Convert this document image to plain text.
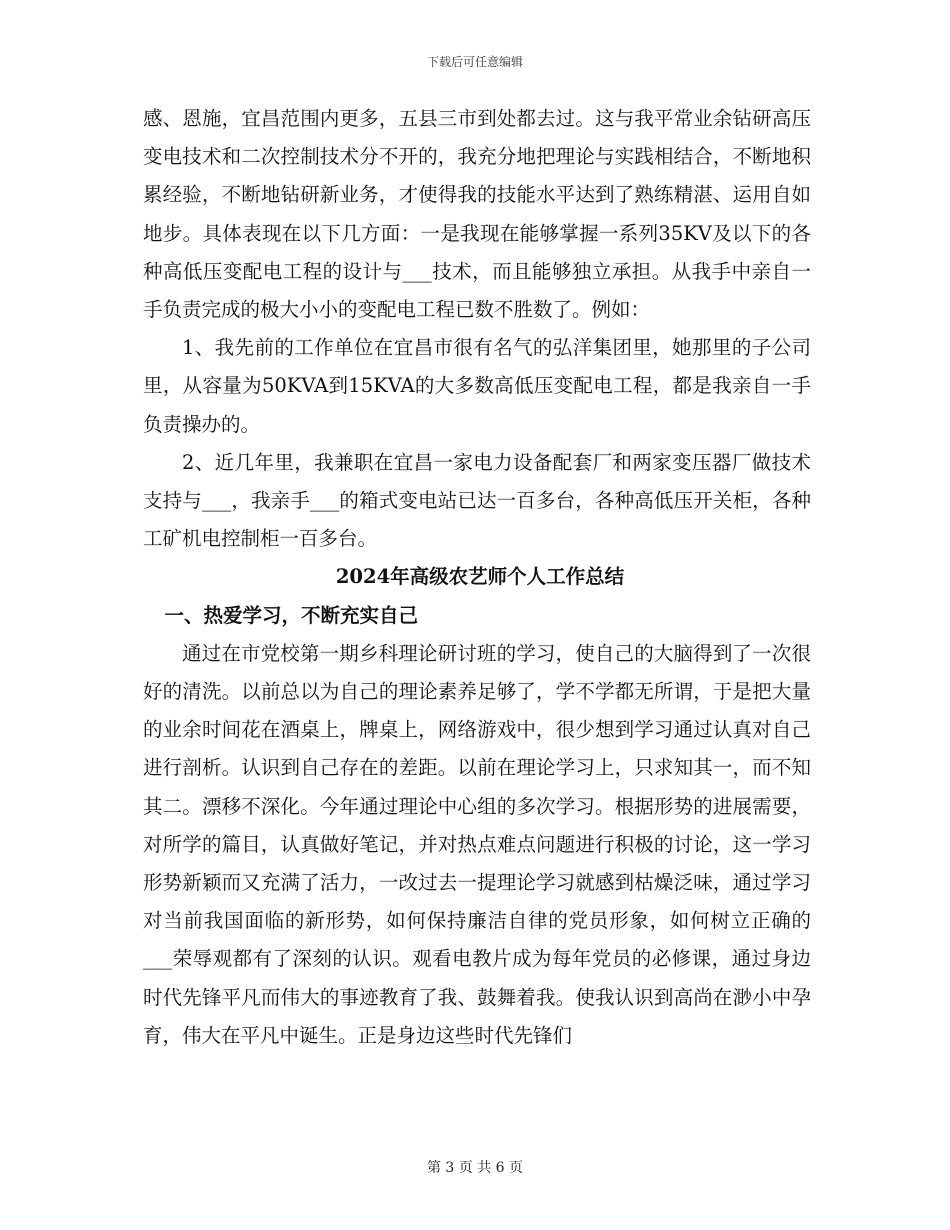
下载后可任意编辑

感、恩施，宜昌范围内更多，五县三市到处都去过。这与我平常业余钻研高压变电技术和二次控制技术分不开的，我充分地把理论与实践相结合，不断地积累经验，不断地钻研新业务，才使得我的技能水平达到了熟练精湛、运用自如地步。具体表现在以下几方面：一是我现在能够掌握一系列35KV及以下的各种高低压变配电工程的设计与___技术，而且能够独立承担。从我手中亲自一手负责完成的极大小小的变配电工程已数不胜数了。例如：

1、我先前的工作单位在宜昌市很有名气的弘洋集团里，她那里的子公司里，从容量为50KVA到15KVA的大多数高低压变配电工程，都是我亲自一手负责操办的。

2、近几年里，我兼职在宜昌一家电力设备配套厂和两家变压器厂做技术支持与___，我亲手___的箱式变电站已达一百多台，各种高低压开关柜，各种工矿机电控制柜一百多台。

2024年高级农艺师个人工作总结

一、热爱学习，不断充实自己

通过在市党校第一期乡科理论研讨班的学习，使自己的大脑得到了一次很好的清洗。以前总以为自己的理论素养足够了，学不学都无所谓，于是把大量的业余时间花在酒桌上，牌桌上，网络游戏中，很少想到学习通过认真对自己进行剖析。认识到自己存在的差距。以前在理论学习上，只求知其一，而不知其二。漂移不深化。今年通过理论中心组的多次学习。根据形势的进展需要，对所学的篇目，认真做好笔记，并对热点难点问题进行积极的讨论，这一学习形势新颖而又充满了活力，一改过去一提理论学习就感到枯燥泛味，通过学习对当前我国面临的新形势，如何保持廉洁自律的党员形象，如何树立正确的___荣辱观都有了深刻的认识。观看电教片成为每年党员的必修课，通过身边时代先锋平凡而伟大的事迹教育了我、鼓舞着我。使我认识到高尚在渺小中孕育，伟大在平凡中诞生。正是身边这些时代先锋们

第 3 页 共 6 页
